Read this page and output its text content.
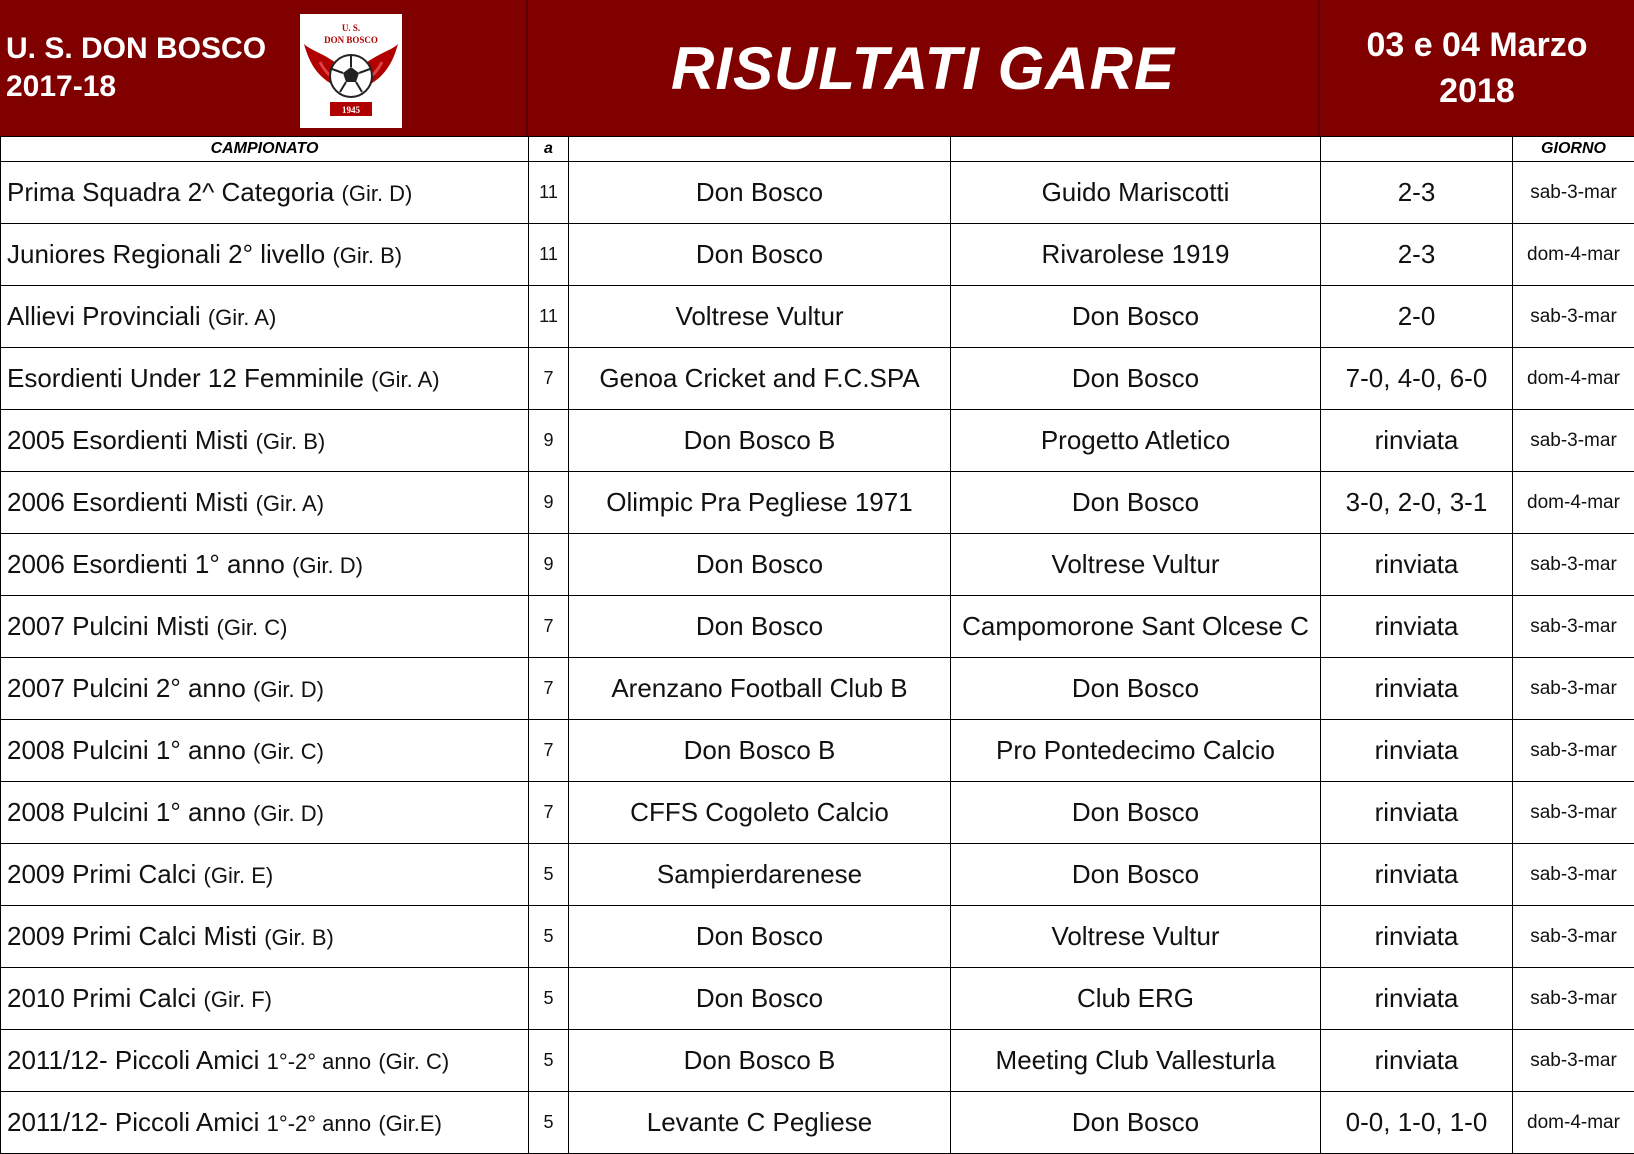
U. S. DON BOSCO
2017-18
U. S.
DON BOSCO
1945
RISULTATI GARE	03 e 04 Marzo
2018
CAMPIONATO	a				GIORNO
Prima Squadra 2^ Categoria (Gir. D)	11	Don Bosco	Guido Mariscotti	2-3	sab-3-mar
Juniores Regionali 2° livello (Gir. B)	11	Don Bosco	Rivarolese 1919	2-3	dom-4-mar
Allievi Provinciali (Gir. A)	11	Voltrese Vultur	Don Bosco	2-0	sab-3-mar
Esordienti Under 12 Femminile (Gir. A)	7	Genoa Cricket and F.C.SPA	Don Bosco	7-0, 4-0, 6-0	dom-4-mar
2005 Esordienti Misti (Gir. B)	9	Don Bosco B	Progetto Atletico	rinviata	sab-3-mar
2006 Esordienti Misti (Gir. A)	9	Olimpic Pra Pegliese 1971	Don Bosco	3-0, 2-0, 3-1	dom-4-mar
2006 Esordienti 1° anno (Gir. D)	9	Don Bosco	Voltrese Vultur	rinviata	sab-3-mar
2007 Pulcini Misti (Gir. C)	7	Don Bosco	Campomorone Sant Olcese C	rinviata	sab-3-mar
2007 Pulcini 2° anno (Gir. D)	7	Arenzano Football Club B	Don Bosco	rinviata	sab-3-mar
2008 Pulcini 1° anno (Gir. C)	7	Don Bosco B	Pro Pontedecimo Calcio	rinviata	sab-3-mar
2008 Pulcini 1° anno (Gir. D)	7	CFFS Cogoleto Calcio	Don Bosco	rinviata	sab-3-mar
2009 Primi Calci (Gir. E)	5	Sampierdarenese	Don Bosco	rinviata	sab-3-mar
2009 Primi Calci Misti (Gir. B)	5	Don Bosco	Voltrese Vultur	rinviata	sab-3-mar
2010 Primi Calci (Gir. F)	5	Don Bosco	Club ERG	rinviata	sab-3-mar
2011/12- Piccoli Amici 1°-2° anno (Gir. C)	5	Don Bosco B	Meeting Club Vallesturla	rinviata	sab-3-mar
2011/12- Piccoli Amici 1°-2° anno (Gir.E)	5	Levante C Pegliese	Don Bosco	0-0, 1-0, 1-0	dom-4-mar
